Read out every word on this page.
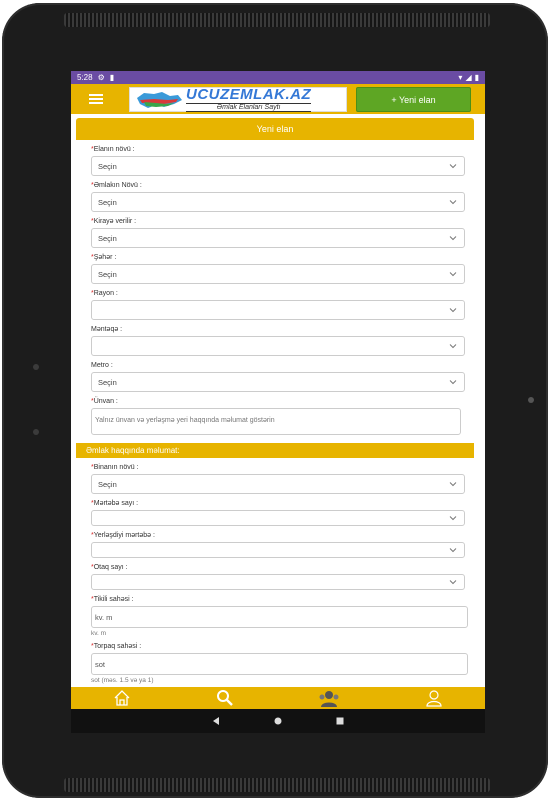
5:28 ⚙ ▮	▾ ◢ ▮
UCUZEMLAK.AZ
Əmlak Elanları Saytı
+ Yeni elan
Yeni elan
*Elanın növü :
Seçin
*Əmlakın Növü :
Seçin
*Kirayə verilir :
Seçin
*Şəhər :
Seçin
*Rayon :
Məntəqə :
Metro :
Seçin
*Ünvan :
Yalnız ünvan və yerləşmə yeri haqqında məlumat göstərin
Əmlak haqqında məlumat:
*Binanın növü :
Seçin
*Mərtəbə sayı :
*Yerləşdiyi mərtəbə :
*Otaq sayı :
*Tikili sahəsi :
kv. m
kv. m
*Torpaq sahəsi :
sot
sot (məs. 1.5 və ya 1)
